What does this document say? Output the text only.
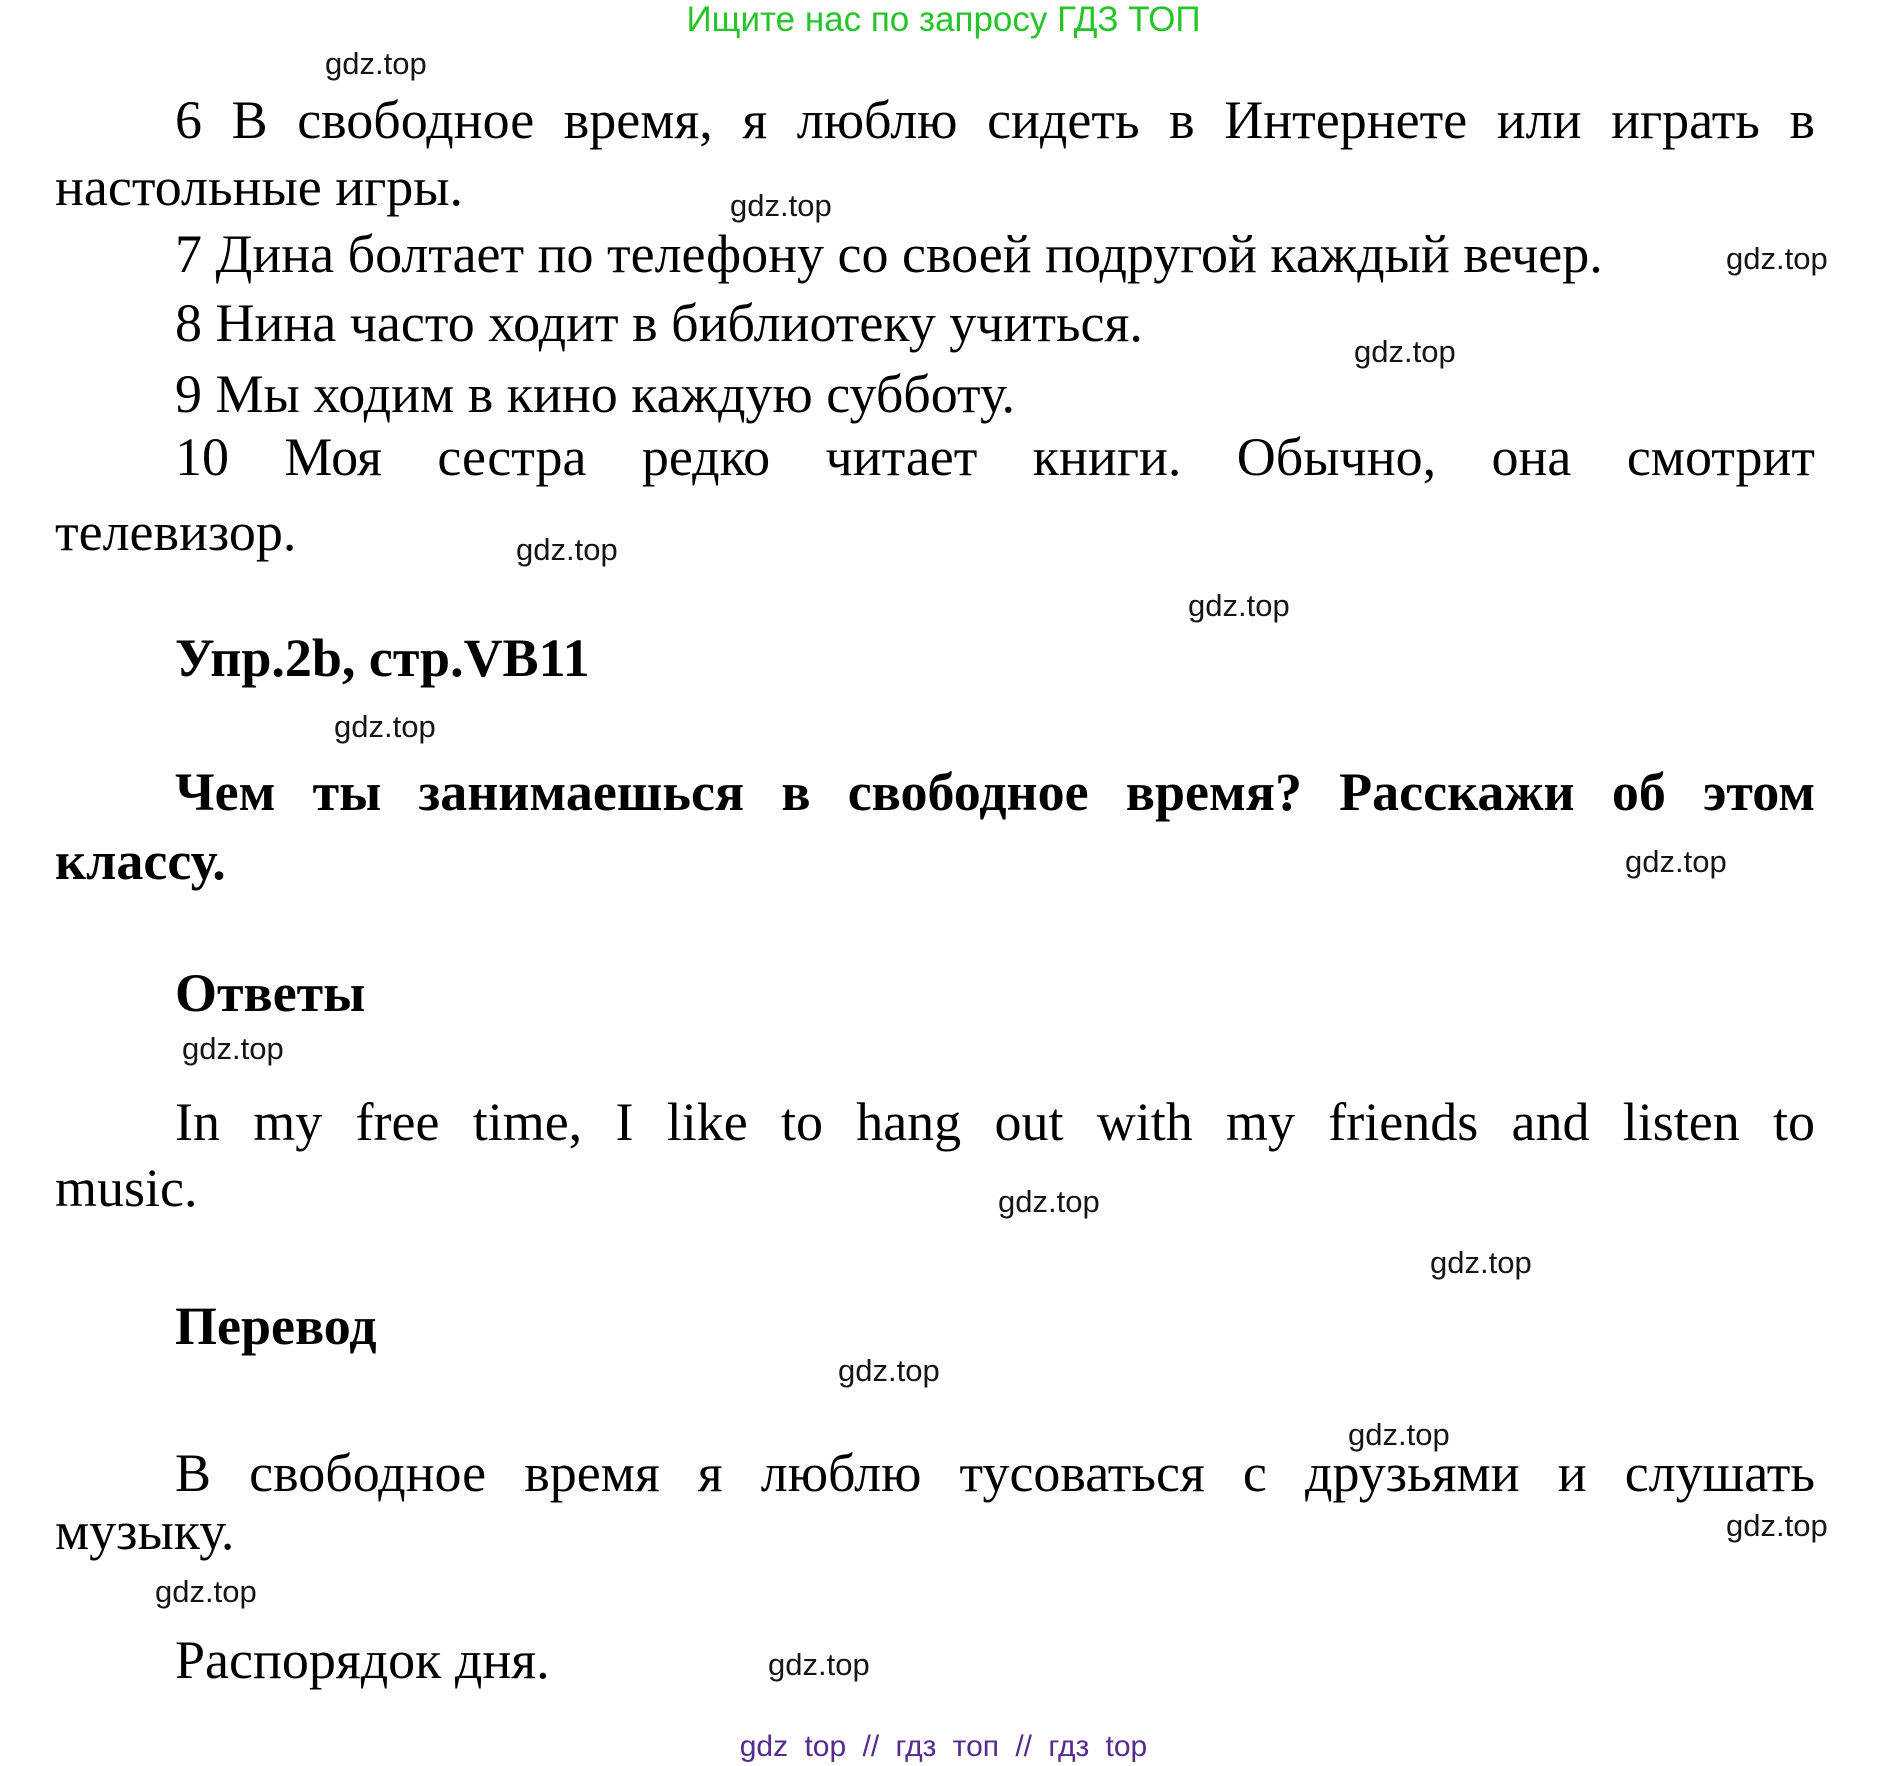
Ищите нас по запросу ГДЗ ТОП
gdz.top
gdz.top
gdz.top
gdz.top
gdz.top
gdz.top
gdz.top
gdz.top
gdz.top
gdz.top
gdz.top
gdz.top
gdz.top
gdz.top
gdz.top
gdz.top
6 В свободное время, я люблю сидеть в Интернете или играть в
настольные игры.
7 Дина болтает по телефону со своей подругой каждый вечер.
8 Нина часто ходит в библиотеку учиться.
9 Мы ходим в кино каждую субботу.
10 Моя сестра редко читает книги. Обычно, она смотрит
телевизор.
Упр.2b, стр.VB11
Чем ты занимаешься в свободное время? Расскажи об этом
классу.
Ответы
In my free time, I like to hang out with my friends and listen to
music.
Перевод
В свободное время я люблю тусоваться с друзьями и слушать
музыку.
Распорядок дня.
gdz top // гдз топ // гдз top
